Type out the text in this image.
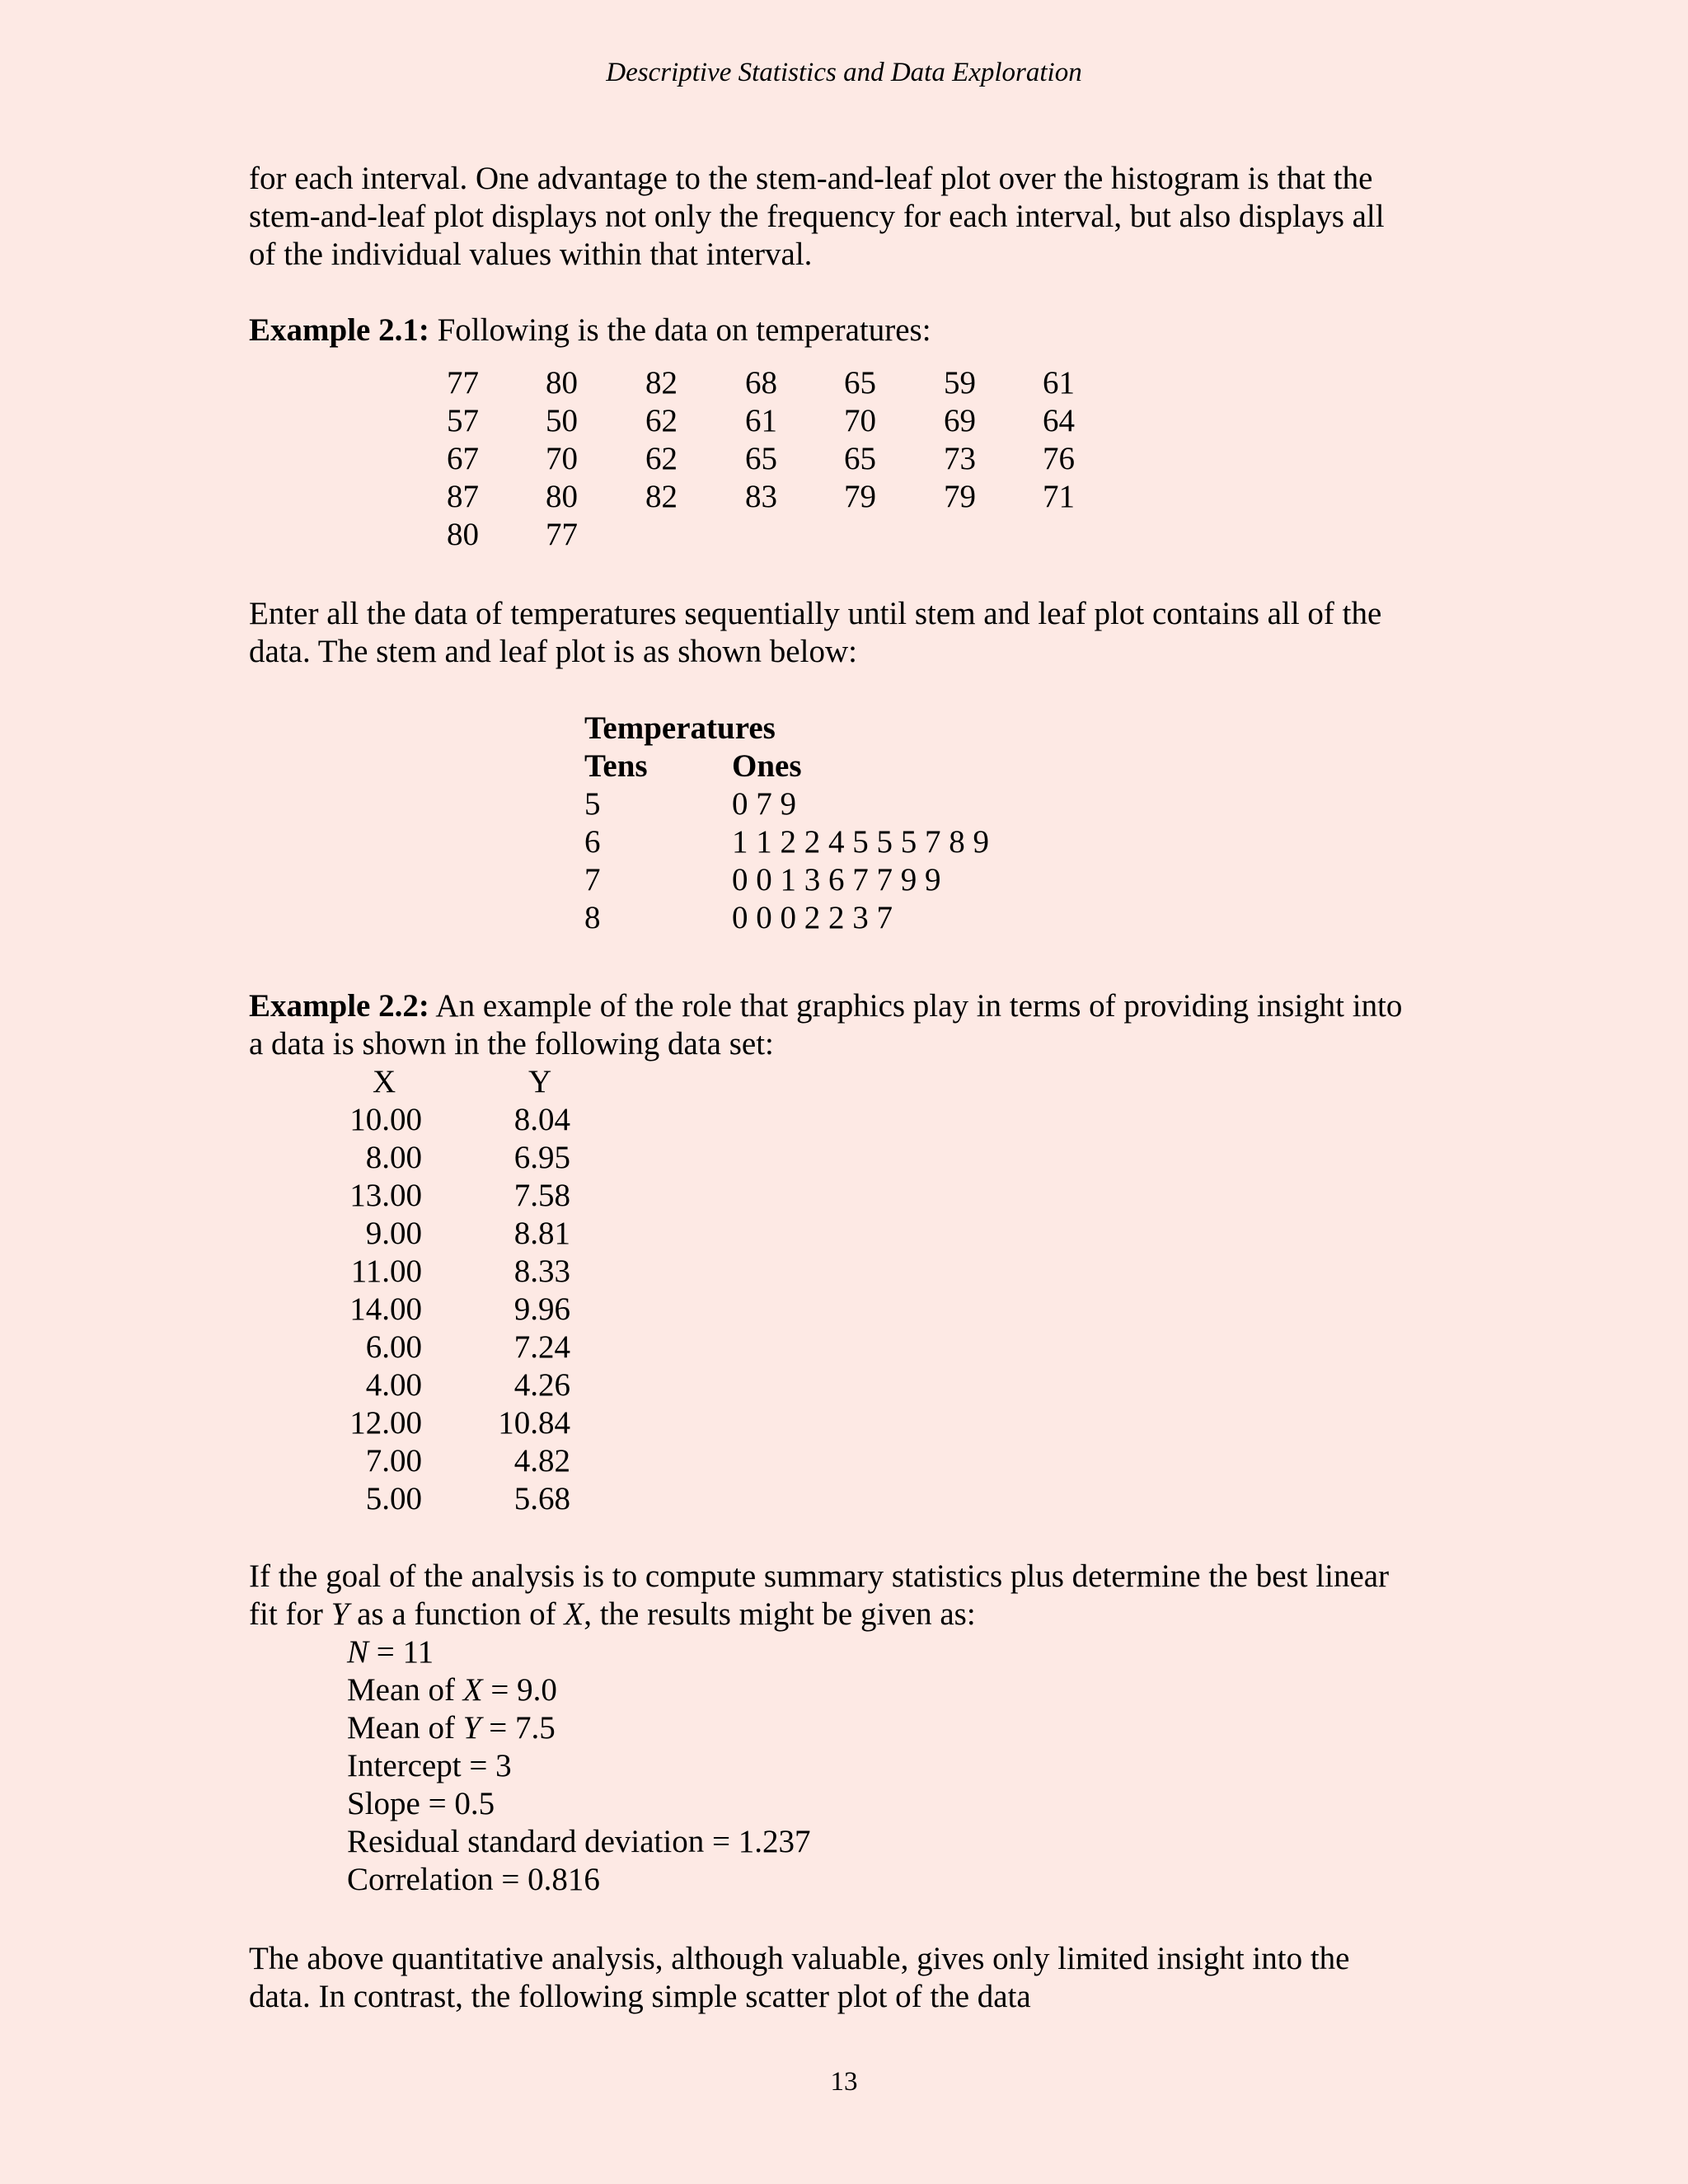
Descriptive Statistics and Data Exploration
for each interval. One advantage to the stem-and-leaf plot over the histogram is that the
stem-and-leaf plot displays not only the frequency for each interval, but also displays all
of the individual values within that interval.
Example 2.1: Following is the data on temperatures:
77	80	82	68	65	59	61
57	50	62	61	70	69	64
67	70	62	65	65	73	76
87	80	82	83	79	79	71
80	77
Enter all the data of temperatures sequentially until stem and leaf plot contains all of the
data. The stem and leaf plot is as shown below:
Temperatures
Tens	Ones
5	0 7 9
6	1 1 2 2 4 5 5 5 7 8 9
7	0 0 1 3 6 7 7 9 9
8	0 0 0 2 2 3 7
Example 2.2: An example of the role that graphics play in terms of providing insight into
a data is shown in the following data set:
X	Y
10.00	8.04
8.00	6.95
13.00	7.58
9.00	8.81
11.00	8.33
14.00	9.96
6.00	7.24
4.00	4.26
12.00	10.84
7.00	4.82
5.00	5.68
If the goal of the analysis is to compute summary statistics plus determine the best linear
fit for Y as a function of X, the results might be given as:
N = 11
Mean of X = 9.0
Mean of Y = 7.5
Intercept = 3
Slope = 0.5
Residual standard deviation = 1.237
Correlation = 0.816
The above quantitative analysis, although valuable, gives only limited insight into the
data. In contrast, the following simple scatter plot of the data
13
